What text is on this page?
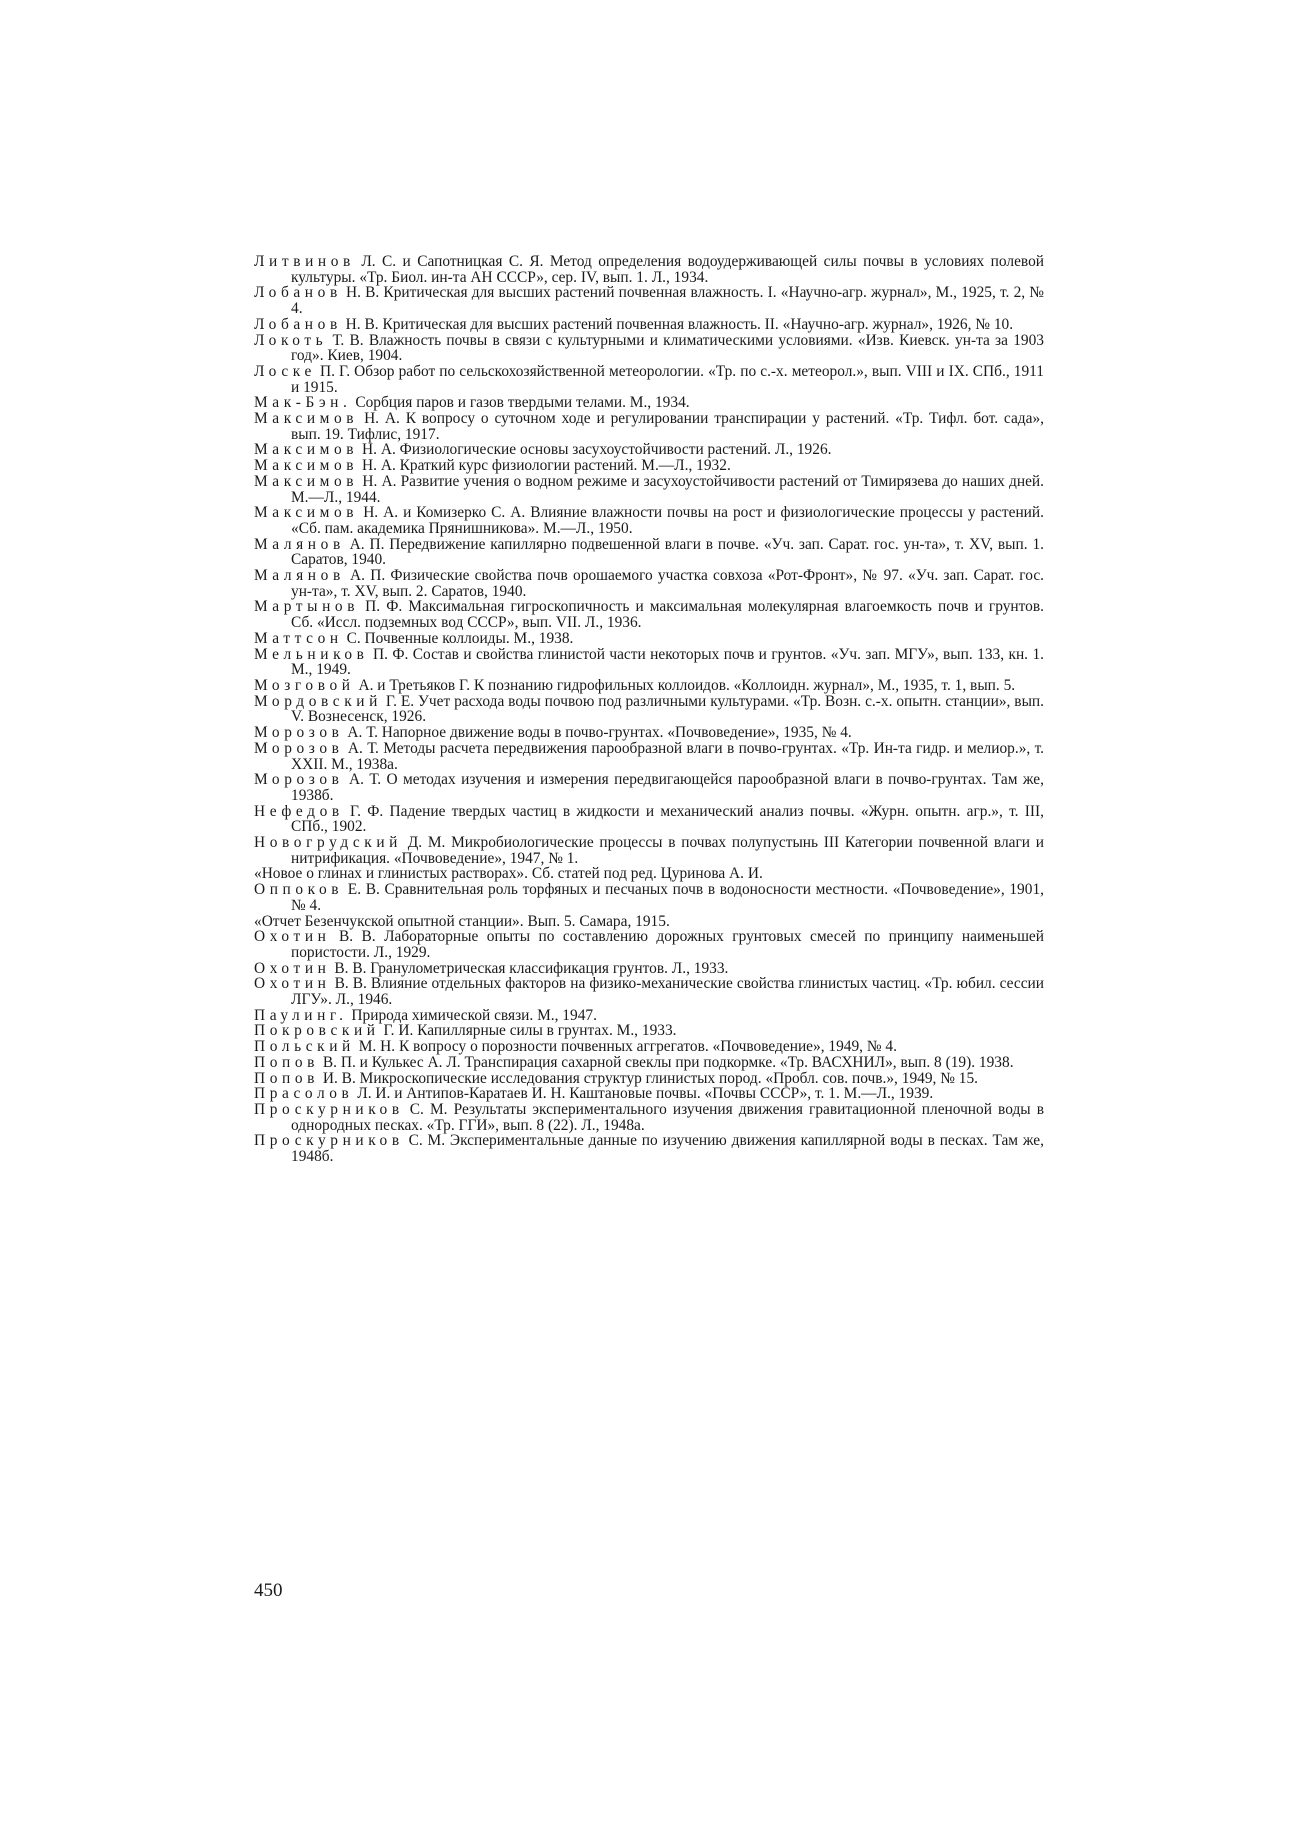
Литвинов Л. С. и Сапотницкая С. Я. Метод определения водоудерживающей силы почвы в условиях полевой культуры. «Тр. Биол. ин-та АН СССР», сер. IV, вып. 1. Л., 1934.
Лобанов Н. В. Критическая для высших растений почвенная влажность. I. «Научно-агр. журнал», М., 1925, т. 2, № 4.
Лобанов Н. В. Критическая для высших растений почвенная влажность. II. «Научно-агр. журнал», 1926, № 10.
Локоть Т. В. Влажность почвы в связи с культурными и климатическими условиями. «Изв. Киевск. ун-та за 1903 год». Киев, 1904.
Лоске П. Г. Обзор работ по сельскохозяйственной метеорологии. «Тр. по с.-х. метеорол.», вып. VIII и IX. СПб., 1911 и 1915.
Мак-Бэн. Сорбция паров и газов твердыми телами. М., 1934.
Максимов Н. А. К вопросу о суточном ходе и регулировании транспирации у растений. «Тр. Тифл. бот. сада», вып. 19. Тифлис, 1917.
Максимов Н. А. Физиологические основы засухоустойчивости растений. Л., 1926.
Максимов Н. А. Краткий курс физиологии растений. М.—Л., 1932.
Максимов Н. А. Развитие учения о водном режиме и засухоустойчивости растений от Тимирязева до наших дней. М.—Л., 1944.
Максимов Н. А. и Комизерко С. А. Влияние влажности почвы на рост и физиологические процессы у растений. «Сб. пам. академика Прянишникова». М.—Л., 1950.
Малянов А. П. Передвижение капиллярно подвешенной влаги в почве. «Уч. зап. Сарат. гос. ун-та», т. XV, вып. 1. Саратов, 1940.
Малянов А. П. Физические свойства почв орошаемого участка совхоза «Рот-Фронт», № 97. «Уч. зап. Сарат. гос. ун-та», т. XV, вып. 2. Саратов, 1940.
Мартынов П. Ф. Максимальная гигроскопичность и максимальная молекулярная влагоемкость почв и грунтов. Сб. «Иссл. подземных вод СССР», вып. VII. Л., 1936.
Маттсон С. Почвенные коллоиды. М., 1938.
Мельников П. Ф. Состав и свойства глинистой части некоторых почв и грунтов. «Уч. зап. МГУ», вып. 133, кн. 1. М., 1949.
Мозговой А. и Третьяков Г. К познанию гидрофильных коллоидов. «Коллоидн. журнал», М., 1935, т. 1, вып. 5.
Мордовский Г. Е. Учет расхода воды почвою под различными культурами. «Тр. Возн. с.-х. опытн. станции», вып. V. Вознесенск, 1926.
Морозов А. Т. Напорное движение воды в почво-грунтах. «Почвоведение», 1935, № 4.
Морозов А. Т. Методы расчета передвижения парообразной влаги в почво-грунтах. «Тр. Ин-та гидр. и мелиор.», т. XXII. М., 1938а.
Морозов А. Т. О методах изучения и измерения передвигающейся парообразной влаги в почво-грунтах. Там же, 1938б.
Нефедов Г. Ф. Падение твердых частиц в жидкости и механический анализ почвы. «Журн. опытн. агр.», т. III, СПб., 1902.
Новогрудский Д. М. Микробиологические процессы в почвах полупустынь III Категории почвенной влаги и нитрификация. «Почвоведение», 1947, № 1.
«Новое о глинах и глинистых растворах». Сб. статей под ред. Цуринова А. И.
Оппоков Е. В. Сравнительная роль торфяных и песчаных почв в водоносности местности. «Почвоведение», 1901, № 4.
«Отчет Безенчукской опытной станции». Вып. 5. Самара, 1915.
Охотин В. В. Лабораторные опыты по составлению дорожных грунтовых смесей по принципу наименьшей пористости. Л., 1929.
Охотин В. В. Гранулометрическая классификация грунтов. Л., 1933.
Охотин В. В. Влияние отдельных факторов на физико-механические свойства глинистых частиц. «Тр. юбил. сессии ЛГУ». Л., 1946.
Паулинг. Природа химической связи. М., 1947.
Покровский Г. И. Капиллярные силы в грунтах. М., 1933.
Польский М. Н. К вопросу о порозности почвенных аггрегатов. «Почвоведение», 1949, № 4.
Попов В. П. и Кулькес А. Л. Транспирация сахарной свеклы при подкормке. «Тр. ВАСХНИЛ», вып. 8 (19). 1938.
Попов И. В. Микроскопические исследования структур глинистых пород. «Пробл. сов. почв.», 1949, № 15.
Прасолов Л. И. и Антипов-Каратаев И. Н. Каштановые почвы. «Почвы СССР», т. 1. М.—Л., 1939.
Проскурников С. М. Результаты экспериментального изучения движения гравитационной пленочной воды в однородных песках. «Тр. ГГИ», вып. 8 (22). Л., 1948а.
Проскурников С. М. Экспериментальные данные по изучению движения капиллярной воды в песках. Там же, 1948б.
450
